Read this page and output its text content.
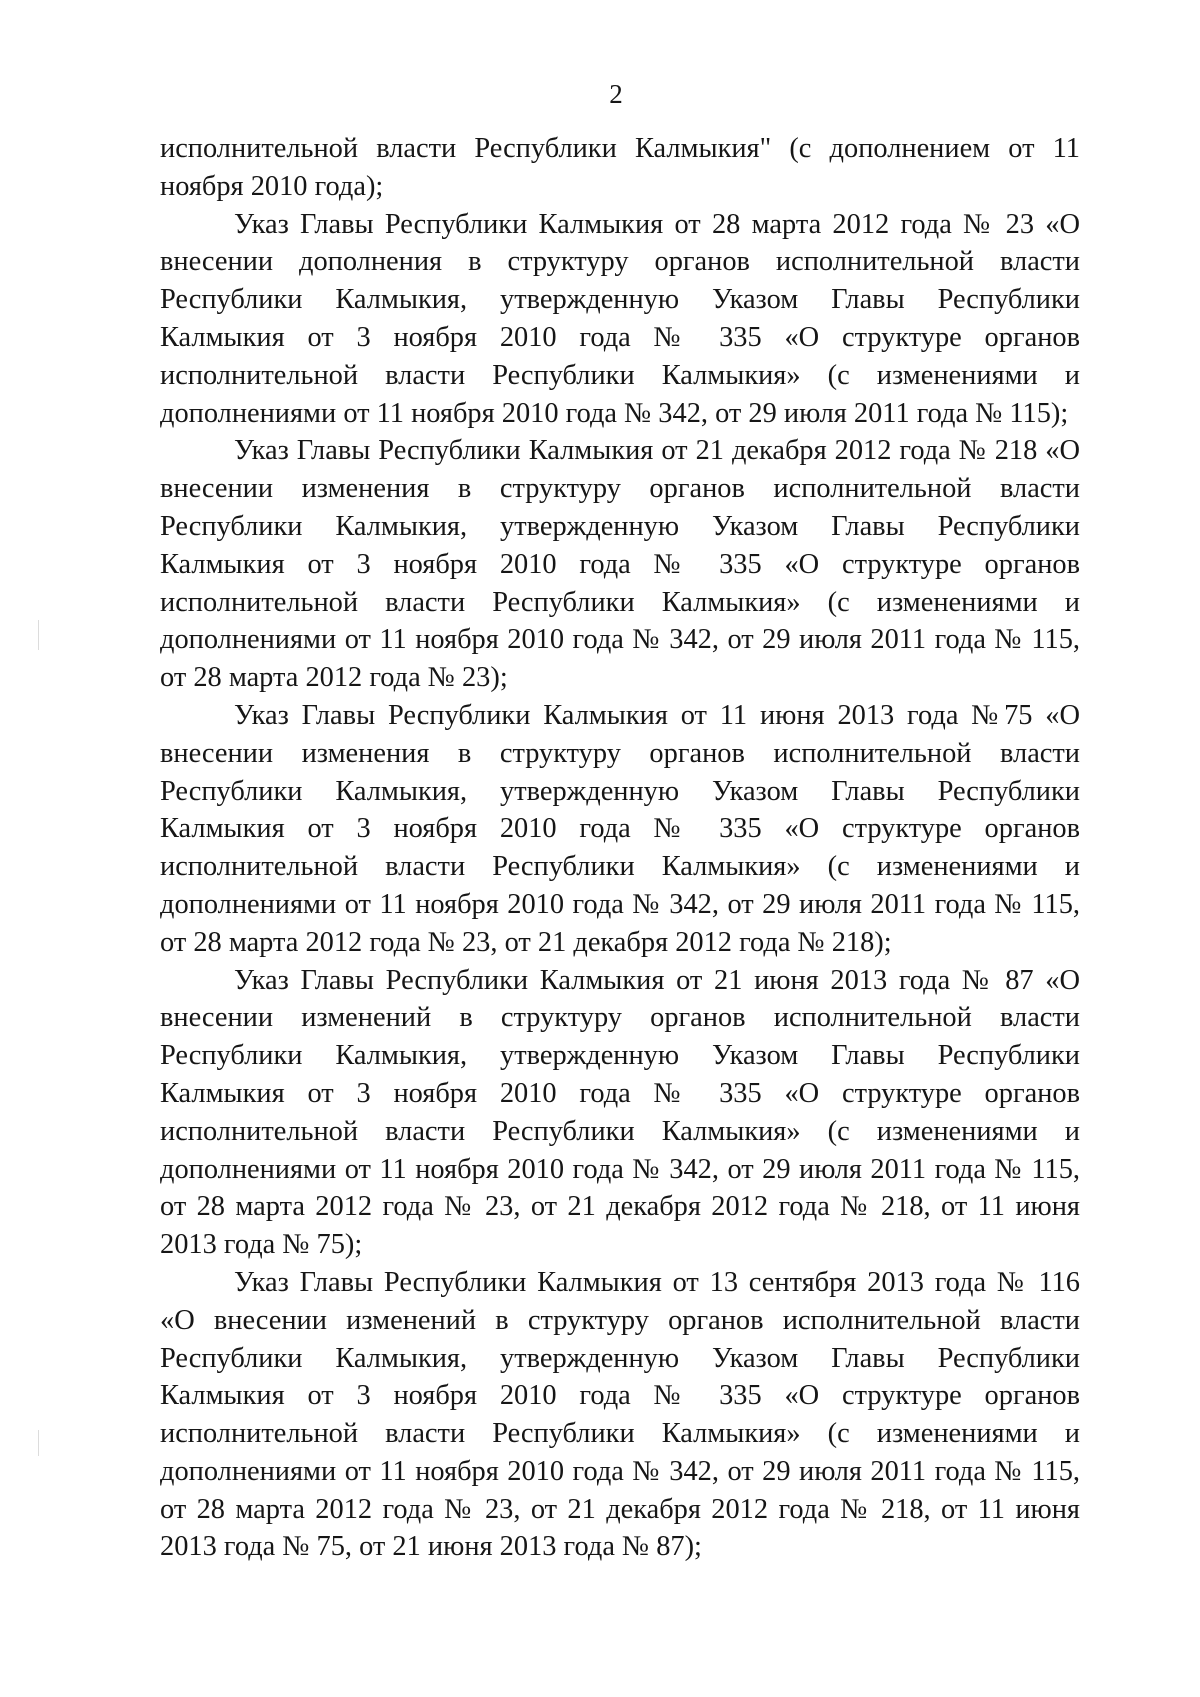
2

исполнительной власти Республики Калмыкия" (с дополнением от 11 ноября 2010 года);

Указ Главы Республики Калмыкия от 28 марта 2012 года № 23 «О внесении дополнения в структуру органов исполнительной власти Республики Калмыкия, утвержденную Указом Главы Республики Калмыкия от 3 ноября 2010 года № 335 «О структуре органов исполнительной власти Республики Калмыкия» (с изменениями и дополнениями от 11 ноября 2010 года № 342, от 29 июля 2011 года № 115);

Указ Главы Республики Калмыкия от 21 декабря 2012 года № 218 «О внесении изменения в структуру органов исполнительной власти Республики Калмыкия, утвержденную Указом Главы Республики Калмыкия от 3 ноября 2010 года № 335 «О структуре органов исполнительной власти Республики Калмыкия» (с изменениями и дополнениями от 11 ноября 2010 года № 342, от 29 июля 2011 года № 115, от 28 марта 2012 года № 23);

Указ Главы Республики Калмыкия от 11 июня 2013 года №75 «О внесении изменения в структуру органов исполнительной власти Республики Калмыкия, утвержденную Указом Главы Республики Калмыкия от 3 ноября 2010 года № 335 «О структуре органов исполнительной власти Республики Калмыкия» (с изменениями и дополнениями от 11 ноября 2010 года № 342, от 29 июля 2011 года № 115, от 28 марта 2012 года № 23, от 21 декабря 2012 года № 218);

Указ Главы Республики Калмыкия от 21 июня 2013 года № 87 «О внесении изменений в структуру органов исполнительной власти Республики Калмыкия, утвержденную Указом Главы Республики Калмыкия от 3 ноября 2010 года № 335 «О структуре органов исполнительной власти Республики Калмыкия» (с изменениями и дополнениями от 11 ноября 2010 года № 342, от 29 июля 2011 года № 115, от 28 марта 2012 года № 23, от 21 декабря 2012 года № 218, от 11 июня 2013 года № 75);

Указ Главы Республики Калмыкия от 13 сентября 2013 года № 116 «О внесении изменений в структуру органов исполнительной власти Республики Калмыкия, утвержденную Указом Главы Республики Калмыкия от 3 ноября 2010 года № 335 «О структуре органов исполнительной власти Республики Калмыкия» (с изменениями и дополнениями от 11 ноября 2010 года № 342, от 29 июля 2011 года № 115, от 28 марта 2012 года № 23, от 21 декабря 2012 года № 218, от 11 июня 2013 года № 75, от 21 июня 2013 года № 87);
